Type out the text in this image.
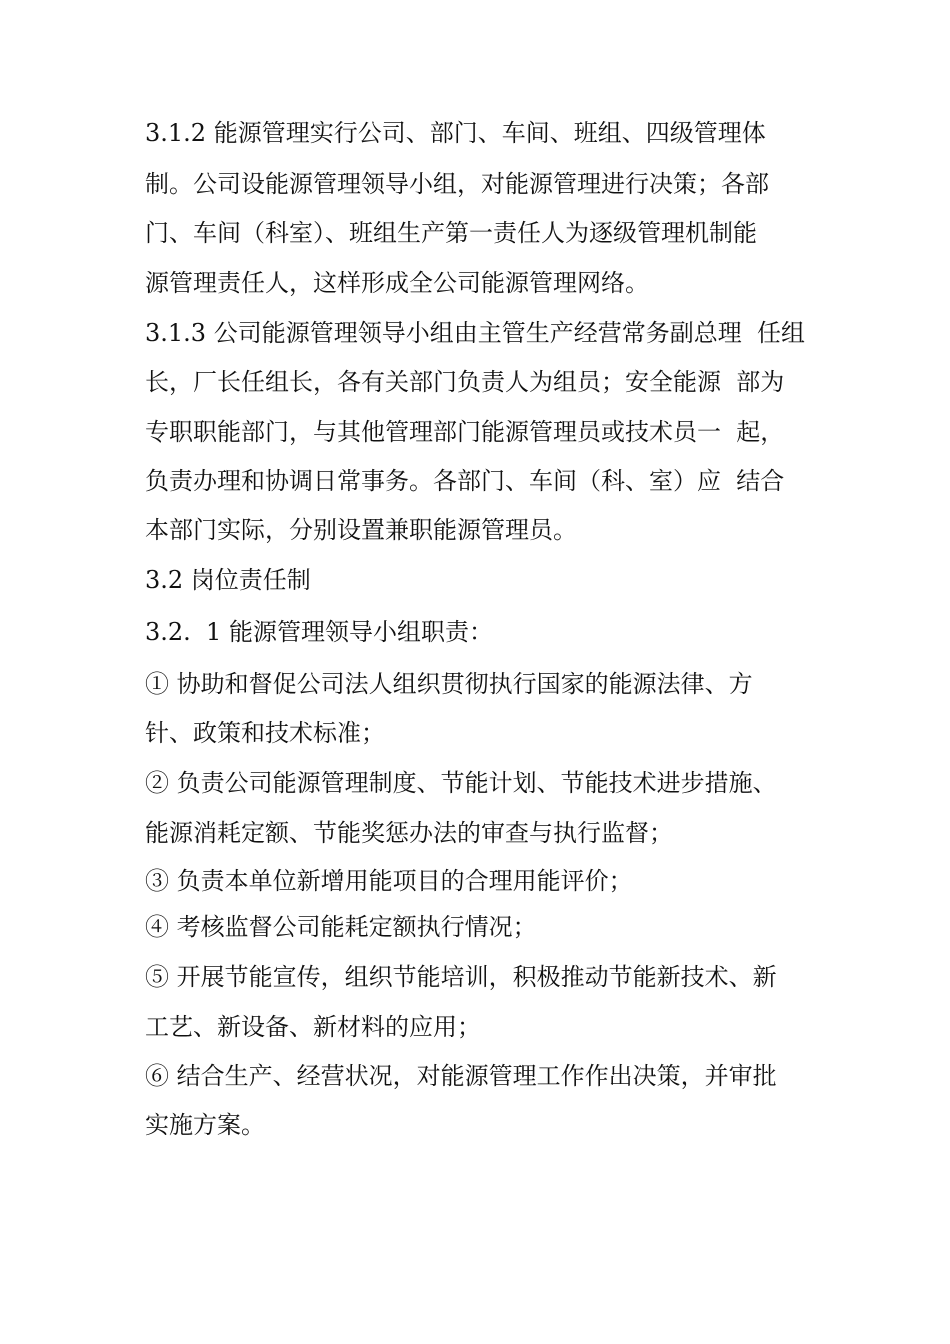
3.1.2 能源管理实行公司、部门、车间、班组、四级管理体
制。公司设能源管理领导小组，对能源管理进行决策；各部
门、车间（科室）、班组生产第一责任人为逐级管理机制能
源管理责任人，这样形成全公司能源管理网络。
3.1.3 公司能源管理领导小组由主管生产经营常务副总理  任组
长，厂长任组长，各有关部门负责人为组员；安全能源  部为
专职职能部门，与其他管理部门能源管理员或技术员一  起，
负责办理和协调日常事务。各部门、车间（科、室）应  结合
本部门实际，分别设置兼职能源管理员。
3.2 岗位责任制
3.2.  1 能源管理领导小组职责：
① 协助和督促公司法人组织贯彻执行国家的能源法律、方
针、政策和技术标准；
② 负责公司能源管理制度、节能计划、节能技术进步措施、
能源消耗定额、节能奖惩办法的审查与执行监督；
③ 负责本单位新增用能项目的合理用能评价；
④ 考核监督公司能耗定额执行情况；
⑤ 开展节能宣传，组织节能培训，积极推动节能新技术、新
工艺、新设备、新材料的应用；
⑥ 结合生产、经营状况，对能源管理工作作出决策，并审批
实施方案。
